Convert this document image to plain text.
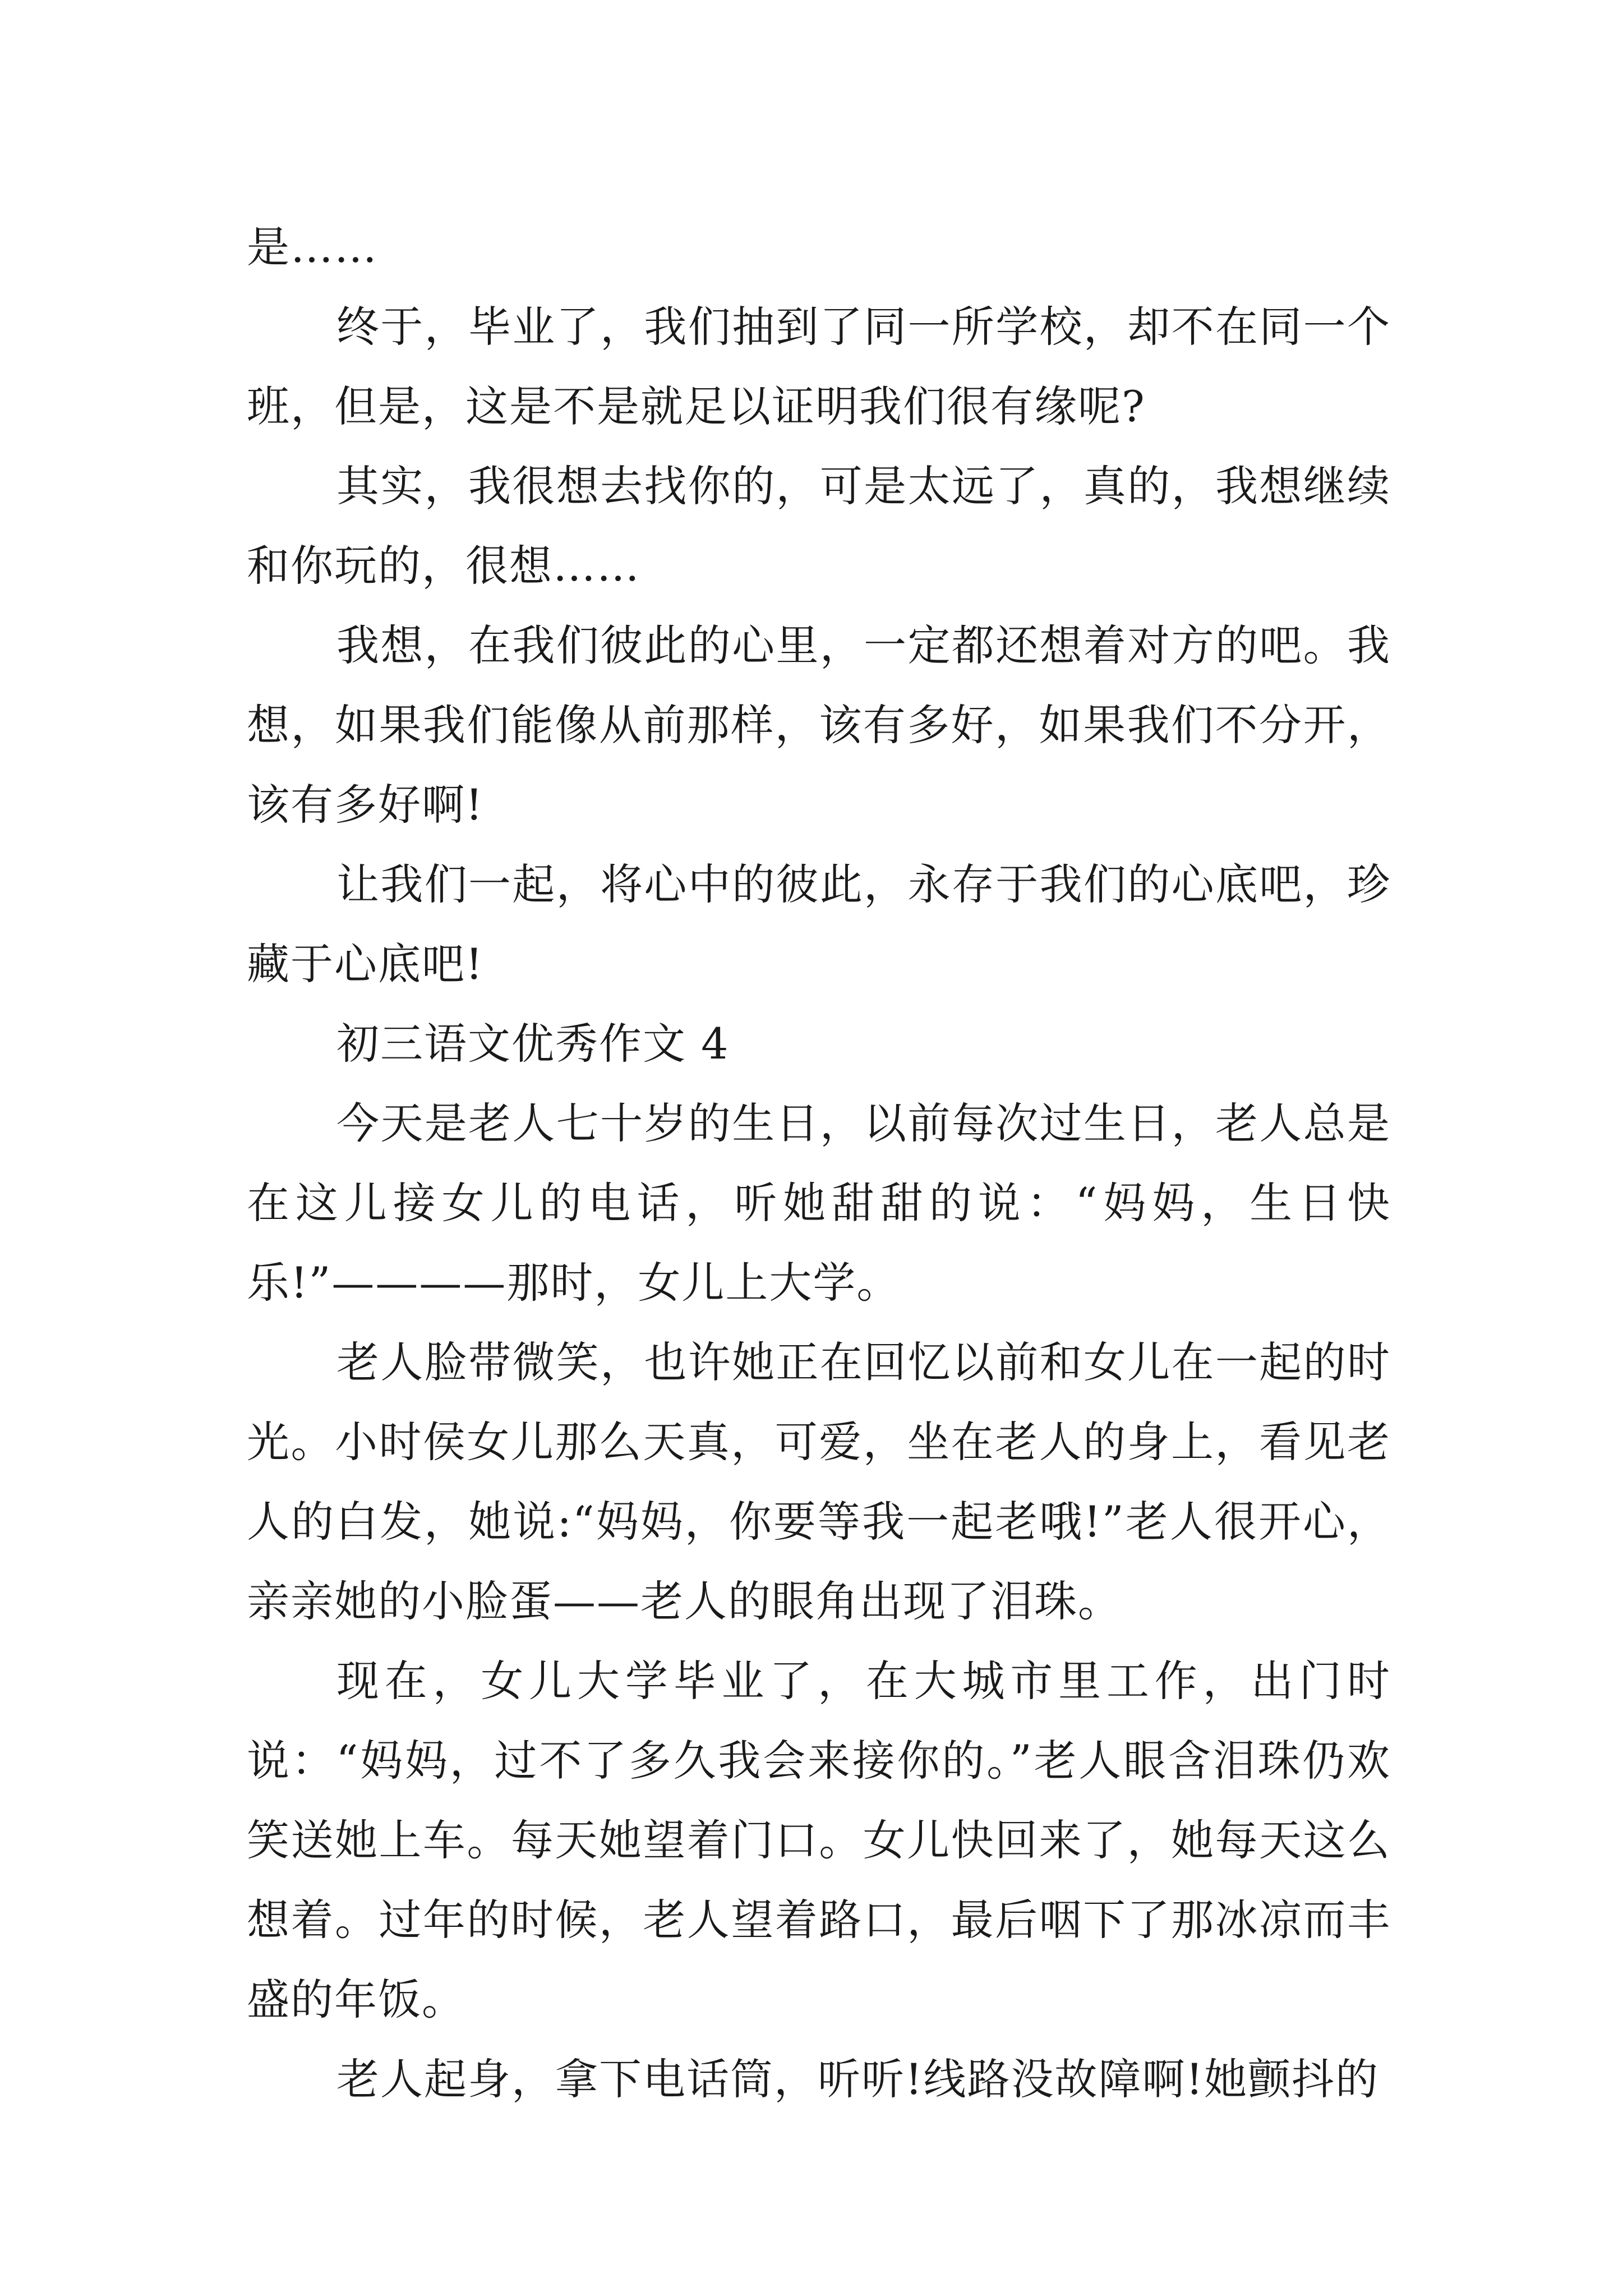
是……

终于，毕业了，我们抽到了同一所学校，却不在同一个班，但是，这是不是就足以证明我们很有缘呢?

其实，我很想去找你的，可是太远了，真的，我想继续和你玩的，很想……

我想，在我们彼此的心里，一定都还想着对方的吧。我想，如果我们能像从前那样，该有多好，如果我们不分开，该有多好啊!

让我们一起，将心中的彼此，永存于我们的心底吧，珍藏于心底吧!

初三语文优秀作文 4

今天是老人七十岁的生日，以前每次过生日，老人总是在这儿接女儿的电话，听她甜甜的说：“妈妈，生日快乐!”————那时，女儿上大学。

老人脸带微笑，也许她正在回忆以前和女儿在一起的时光。小时侯女儿那么天真，可爱，坐在老人的身上，看见老人的白发，她说:“妈妈，你要等我一起老哦!”老人很开心，亲亲她的小脸蛋——老人的眼角出现了泪珠。

现在，女儿大学毕业了，在大城市里工作，出门时说：“妈妈，过不了多久我会来接你的。”老人眼含泪珠仍欢笑送她上车。每天她望着门口。女儿快回来了，她每天这么想着。过年的时候，老人望着路口，最后咽下了那冰凉而丰盛的年饭。

老人起身，拿下电话筒，听听!线路没故障啊!她颤抖的
